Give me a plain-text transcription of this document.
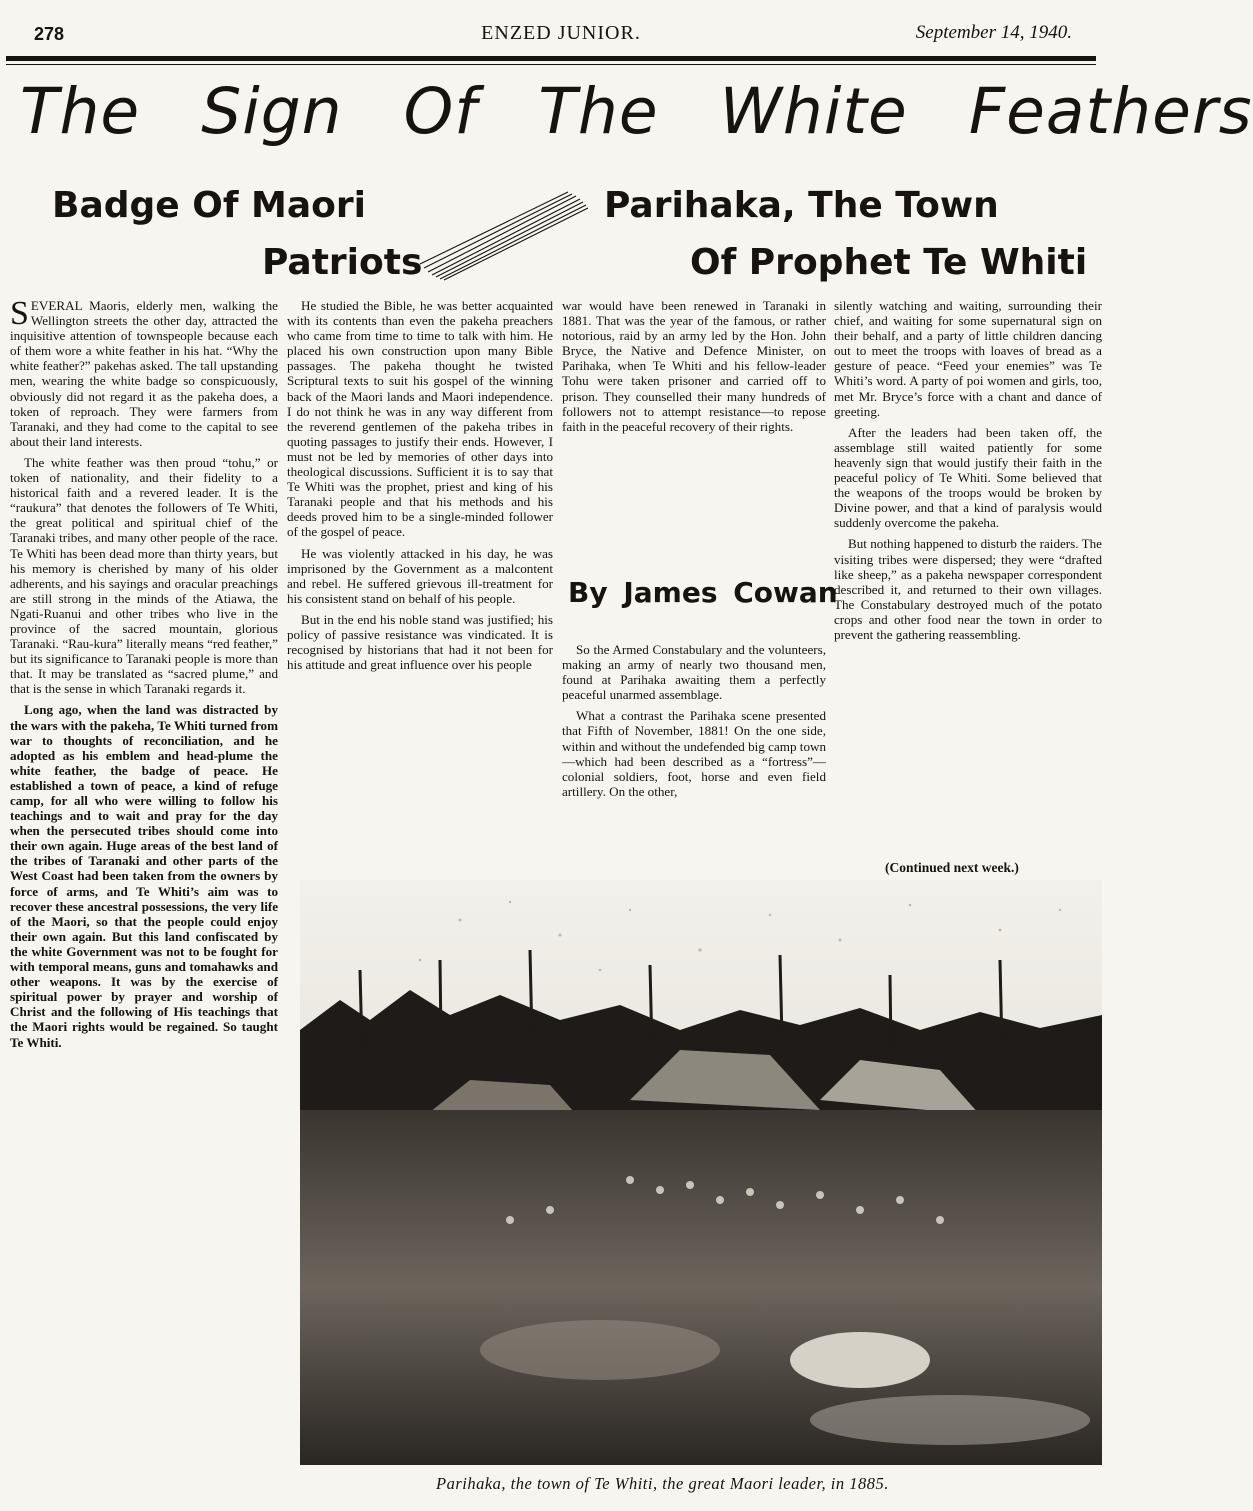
278	ENZED JUNIOR.	September 14, 1940.
The Sign Of The White Feathers
Badge Of Maori
Patriots
Parihaka, The Town
Of Prophet Te Whiti

SEVERAL Maoris, elderly men, walking the Wellington streets the other day, attracted the inquisitive attention of townspeople because each of them wore a white feather in his hat. “Why the white feather?” pakehas asked. The tall upstanding men, wearing the white badge so conspicuously, obviously did not regard it as the pakeha does, a token of reproach. They were farmers from Taranaki, and they had come to the capital to see about their land interests.

The white feather was then proud “tohu,” or token of nationality, and their fidelity to a historical faith and a revered leader. It is the “raukura” that denotes the followers of Te Whiti, the great political and spiritual chief of the Taranaki tribes, and many other people of the race. Te Whiti has been dead more than thirty years, but his memory is cherished by many of his older adherents, and his sayings and oracular preachings are still strong in the minds of the Atiawa, the Ngati-Ruanui and other tribes who live in the province of the sacred mountain, glorious Taranaki. “Rau-kura” literally means “red feather,” but its significance to Taranaki people is more than that. It may be translated as “sacred plume,” and that is the sense in which Taranaki regards it.

Long ago, when the land was distracted by the wars with the pakeha, Te Whiti turned from war to thoughts of reconciliation, and he adopted as his emblem and head-plume the white feather, the badge of peace. He established a town of peace, a kind of refuge camp, for all who were willing to follow his teachings and to wait and pray for the day when the persecuted tribes should come into their own again. Huge areas of the best land of the tribes of Taranaki and other parts of the West Coast had been taken from the owners by force of arms, and Te Whiti’s aim was to recover these ancestral possessions, the very life of the Maori, so that the people could enjoy their own again. But this land confiscated by the white Government was not to be fought for with temporal means, guns and tomahawks and other weapons. It was by the exercise of spiritual power by prayer and worship of Christ and the following of His teachings that the Maori rights would be regained. So taught Te Whiti.

He studied the Bible, he was better acquainted with its contents than even the pakeha preachers who came from time to time to talk with him. He placed his own construction upon many Bible passages. The pakeha thought he twisted Scriptural texts to suit his gospel of the winning back of the Maori lands and Maori independence. I do not think he was in any way different from the reverend gentlemen of the pakeha tribes in quoting passages to justify their ends. However, I must not be led by memories of other days into theological discussions. Sufficient it is to say that Te Whiti was the prophet, priest and king of his Taranaki people and that his methods and his deeds proved him to be a single-minded follower of the gospel of peace.

He was violently attacked in his day, he was imprisoned by the Government as a malcontent and rebel. He suffered grievous ill-treatment for his consistent stand on behalf of his people.

But in the end his noble stand was justified; his policy of passive resistance was vindicated. It is recognised by historians that had it not been for his attitude and great influence over his people

war would have been renewed in Taranaki in 1881. That was the year of the famous, or rather notorious, raid by an army led by the Hon. John Bryce, the Native and Defence Minister, on Parihaka, when Te Whiti and his fellow-leader Tohu were taken prisoner and carried off to prison. They counselled their many hundreds of followers not to attempt resistance—to repose faith in the peaceful recovery of their rights.

By James Cowan

So the Armed Constabulary and the volunteers, making an army of nearly two thousand men, found at Parihaka awaiting them a perfectly peaceful unarmed assemblage.

What a contrast the Parihaka scene presented that Fifth of November, 1881! On the one side, within and without the undefended big camp town—which had been described as a “fortress”—colonial soldiers, foot, horse and even field artillery. On the other,

silently watching and waiting, surrounding their chief, and waiting for some supernatural sign on their behalf, and a party of little children dancing out to meet the troops with loaves of bread as a gesture of peace. “Feed your enemies” was Te Whiti’s word. A party of poi women and girls, too, met Mr. Bryce’s force with a chant and dance of greeting.

After the leaders had been taken off, the assemblage still waited patiently for some heavenly sign that would justify their faith in the peaceful policy of Te Whiti. Some believed that the weapons of the troops would be broken by Divine power, and that a kind of paralysis would suddenly overcome the pakeha.

But nothing happened to disturb the raiders. The visiting tribes were dispersed; they were “drafted like sheep,” as a pakeha newspaper correspondent described it, and returned to their own villages. The Constabulary destroyed much of the potato crops and other food near the town in order to prevent the gathering reassembling.

(Continued next week.)
Parihaka, the town of Te Whiti, the great Maori leader, in 1885.
